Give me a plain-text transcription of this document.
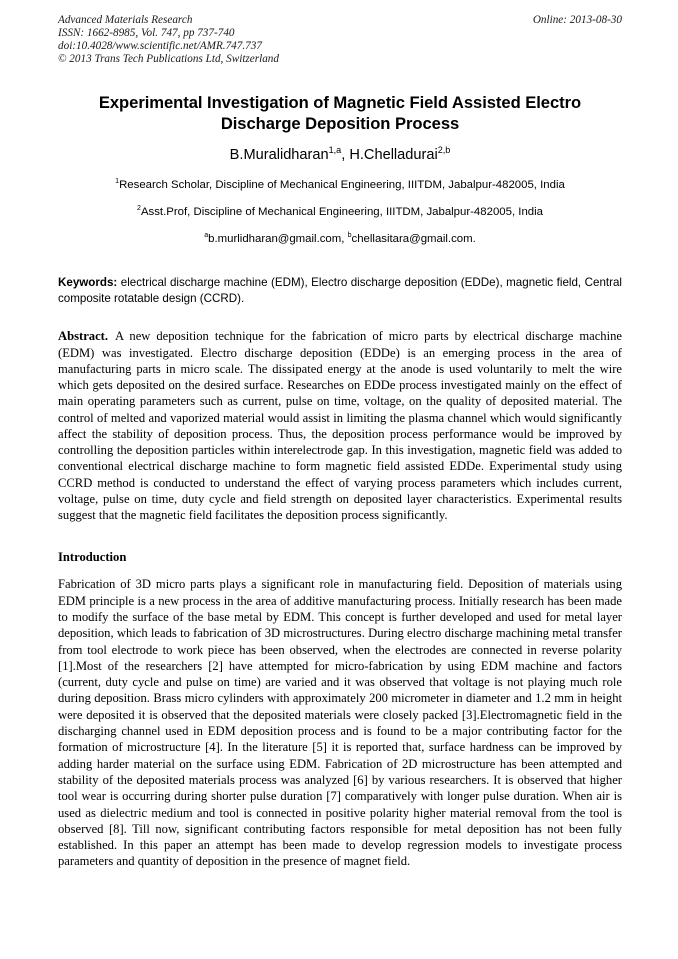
Advanced Materials Research
ISSN: 1662-8985, Vol. 747, pp 737-740
doi:10.4028/www.scientific.net/AMR.747.737
© 2013 Trans Tech Publications Ltd, Switzerland
Online: 2013-08-30
Experimental Investigation of Magnetic Field Assisted Electro Discharge Deposition Process
B.Muralidharan$^{1,a}$, H.Chelladurai$^{2,b}$
$^1$Research Scholar, Discipline of Mechanical Engineering, IIITDM, Jabalpur-482005, India
$^2$Asst.Prof, Discipline of Mechanical Engineering, IIITDM, Jabalpur-482005, India
$^a$b.murlidharan@gmail.com, $^b$chellasitara@gmail.com.
Keywords: electrical discharge machine (EDM), Electro discharge deposition (EDDe), magnetic field, Central composite rotatable design (CCRD).
Abstract. A new deposition technique for the fabrication of micro parts by electrical discharge machine (EDM) was investigated. Electro discharge deposition (EDDe) is an emerging process in the area of manufacturing parts in micro scale. The dissipated energy at the anode is used voluntarily to melt the wire which gets deposited on the desired surface. Researches on EDDe process investigated mainly on the effect of main operating parameters such as current, pulse on time, voltage, on the quality of deposited material. The control of melted and vaporized material would assist in limiting the plasma channel which would significantly affect the stability of deposition process. Thus, the deposition process performance would be improved by controlling the deposition particles within interelectrode gap. In this investigation, magnetic field was added to conventional electrical discharge machine to form magnetic field assisted EDDe. Experimental study using CCRD method is conducted to understand the effect of varying process parameters which includes current, voltage, pulse on time, duty cycle and field strength on deposited layer characteristics. Experimental results suggest that the magnetic field facilitates the deposition process significantly.
Introduction
Fabrication of 3D micro parts plays a significant role in manufacturing field. Deposition of materials using EDM principle is a new process in the area of additive manufacturing process. Initially research has been made to modify the surface of the base metal by EDM. This concept is further developed and used for metal layer deposition, which leads to fabrication of 3D microstructures. During electro discharge machining metal transfer from tool electrode to work piece has been observed, when the electrodes are connected in reverse polarity [1].Most of the researchers [2] have attempted for micro-fabrication by using EDM machine and factors (current, duty cycle and pulse on time) are varied and it was observed that voltage is not playing much role during deposition. Brass micro cylinders with approximately 200 micrometer in diameter and 1.2 mm in height were deposited it is observed that the deposited materials were closely packed [3].Electromagnetic field in the discharging channel used in EDM deposition process and is found to be a major contributing factor for the formation of microstructure [4]. In the literature [5] it is reported that, surface hardness can be improved by adding harder material on the surface using EDM. Fabrication of 2D microstructure has been attempted and stability of the deposited materials process was analyzed [6] by various researchers. It is observed that higher tool wear is occurring during shorter pulse duration [7] comparatively with longer pulse duration. When air is used as dielectric medium and tool is connected in positive polarity higher material removal from the tool is observed [8]. Till now, significant contributing factors responsible for metal deposition has not been fully established. In this paper an attempt has been made to develop regression models to investigate process parameters and quantity of deposition in the presence of magnet field.
